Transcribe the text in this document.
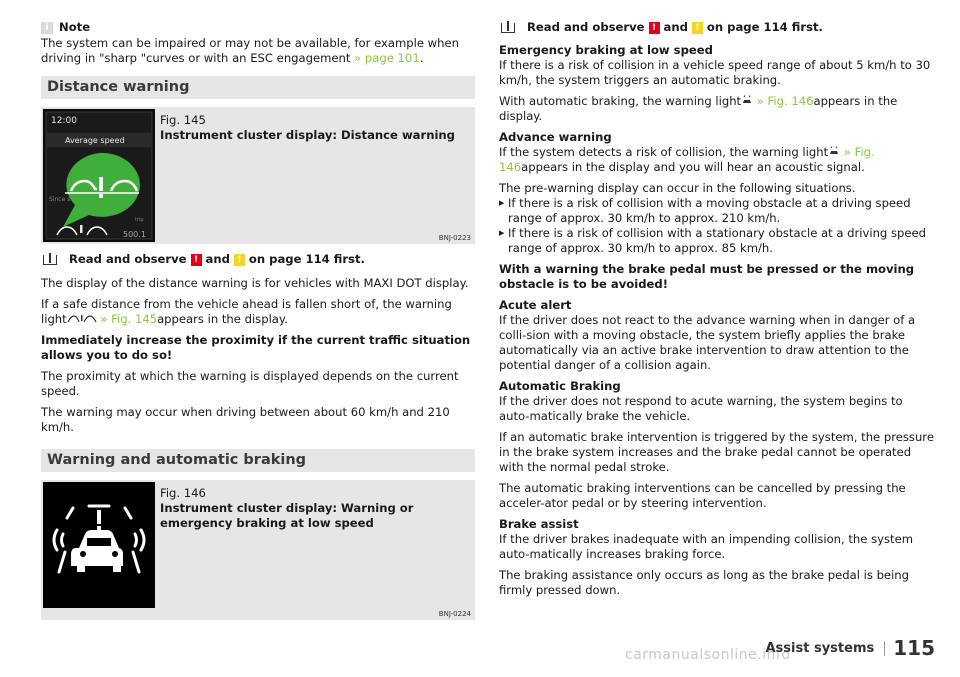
i Note

The system can be impaired or may not be available, for example when driving in "sharp "curves or with an ESC engagement » page 101.

Distance warning
12:00
Average speed
Since s
trip
500.1
Fig. 145
Instrument cluster display: Distance warning
BNJ-0223
Read and observe ! and ! on page 114 first.

The display of the distance warning is for vehicles with MAXI DOT display.

If a safe distance from the vehicle ahead is fallen short of, the warning light	» Fig. 145appears in the display.

Immediately increase the proximity if the current traffic situation allows you to do so!

The proximity at which the warning is displayed depends on the current speed.

The warning may occur when driving between about 60 km/h and 210 km/h.

Warning and automatic braking
Fig. 146
Instrument cluster display: Warning or emergency braking at low speed
BNJ-0224
Read and observe ! and ! on page 114 first.
Emergency braking at low speed

If there is a risk of collision in a vehicle speed range of about 5 km/h to 30 km/h, the system triggers an automatic braking.

With automatic braking, the warning light » Fig. 146appears in the display.

Advance warning

If the system detects a risk of collision, the warning light » Fig. 146appears in the display and you will hear an acoustic signal.

The pre-warning display can occur in the following situations.
▶ If there is a risk of collision with a moving obstacle at a driving speed range of approx. 30 km/h to approx. 210 km/h.
▶ If there is a risk of collision with a stationary obstacle at a driving speed range of approx. 30 km/h to approx. 85 km/h.

With a warning the brake pedal must be pressed or the moving obstacle is to be avoided!

Acute alert

If the driver does not react to the advance warning when in danger of a colli-sion with a moving obstacle, the system briefly applies the brake automatically via an active brake intervention to draw attention to the potential danger of a collision again.

Automatic Braking

If the driver does not respond to acute warning, the system begins to auto-matically brake the vehicle.

If an automatic brake intervention is triggered by the system, the pressure in the brake system increases and the brake pedal cannot be operated with the normal pedal stroke.

The automatic braking interventions can be cancelled by pressing the acceler-ator pedal or by steering intervention.

Brake assist

If the driver brakes inadequate with an impending collision, the system auto-matically increases braking force.

The braking assistance only occurs as long as the brake pedal is being firmly pressed down.

carmanualsonline.info
Assist systems 115
